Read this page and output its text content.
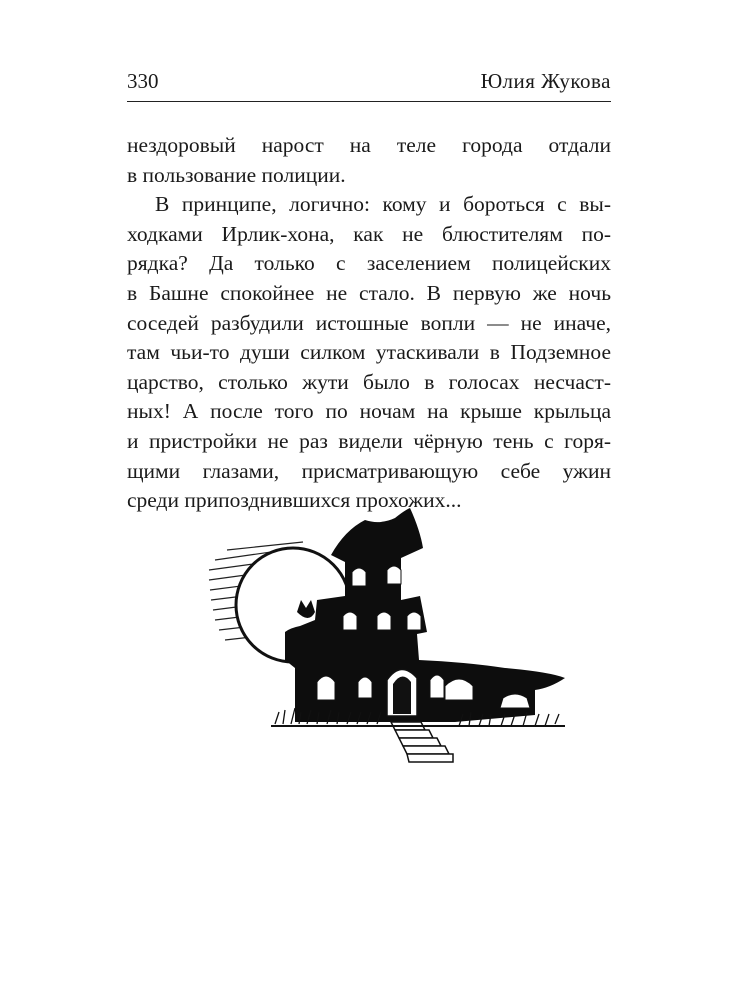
330	Юлия Жукова
нездоровый нарост на теле города отдали
в пользование полиции.
В принципе, логично: кому и бороться с вы-
ходками Ирлик-хона, как не блюстителям по-
рядка? Да только с заселением полицейских
в Башне спокойнее не стало. В первую же ночь
соседей разбудили истошные вопли — не иначе,
там чьи-то души силком утаскивали в Подземное
царство, столько жути было в голосах несчаст-
ных! А после того по ночам на крыше крыльца
и пристройки не раз видели чёрную тень с горя-
щими глазами, присматривающую себе ужин
среди припозднившихся прохожих...
